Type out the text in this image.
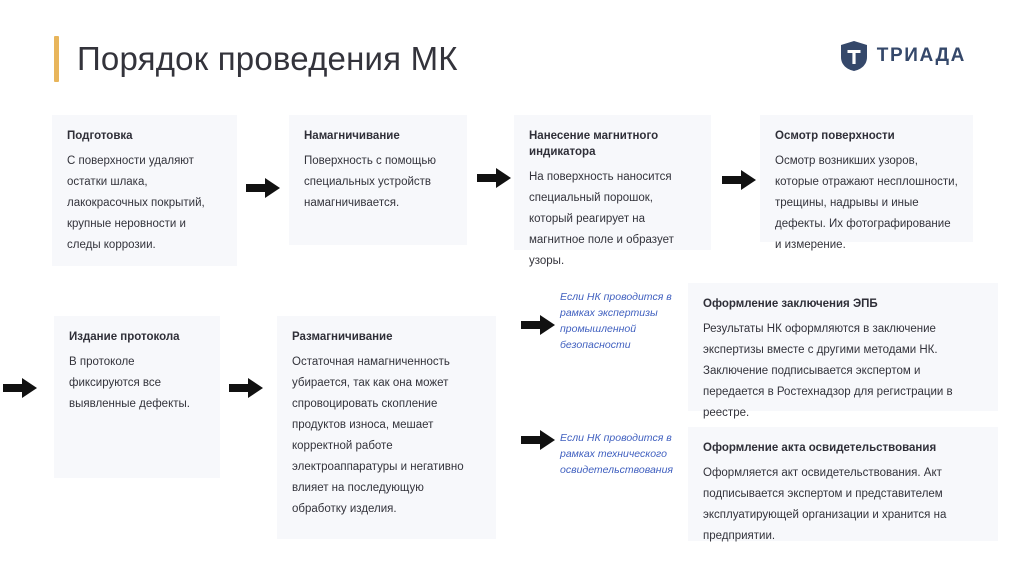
Порядок проведения МК	ТРИАДА

Подготовка

С поверхности удаляют остатки шлака, лакокрасочных покрытий, крупные неровности и следы коррозии.

Намагничивание

Поверхность с помощью специальных устройств намагничивается.

Нанесение магнитного индикатора

На поверхность наносится специальный порошок, который реагирует на магнитное поле и образует узоры.

Осмотр поверхности

Осмотр возникших узоров, которые отражают несплошности, трещины, надрывы и иные дефекты. Их фотографирование и измерение.

Издание протокола

В протоколе фиксируются все выявленные дефекты.

Размагничивание

Остаточная намагниченность убирается, так как она может спровоцировать скопление продуктов износа, мешает корректной работе электроаппаратуры и негативно влияет на последующую обработку изделия.

Если НК проводится в рамках экспертизы промышленной безопасности

Оформление заключения ЭПБ

Результаты НК оформляются в заключение экспертизы вместе с другими методами НК. Заключение подписывается экспертом и передается в Ростехнадзор для регистрации в реестре.

Если НК проводится в рамках технического освидетельствования

Оформление акта освидетельствования

Оформляется акт освидетельствования. Акт подписывается экспертом и представителем эксплуатирующей организации и хранится на предприятии.
